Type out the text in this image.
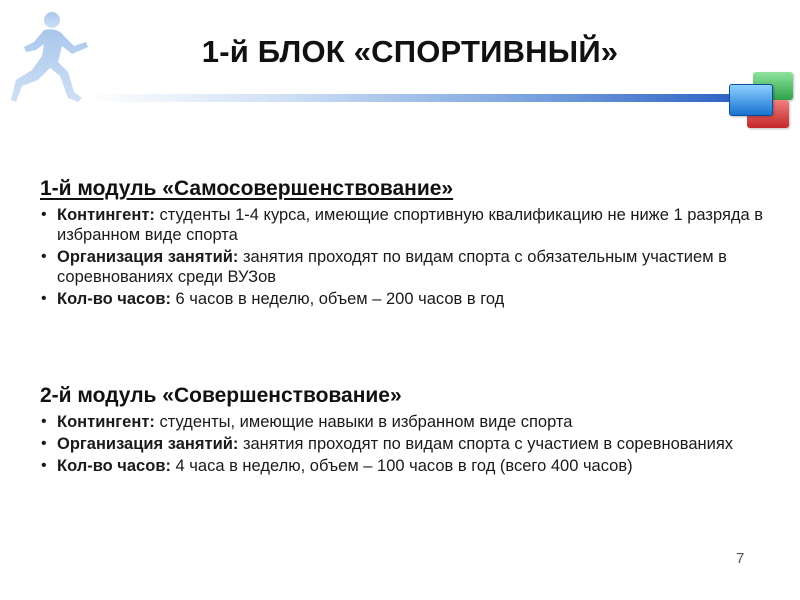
1-й БЛОК «СПОРТИВНЫЙ»
1-й модуль «Самосовершенствование»
• Контингент: студенты 1-4 курса, имеющие спортивную квалификацию не ниже 1 разряда в избранном виде спорта
• Организация занятий: занятия проходят по видам спорта с обязательным участием в соревнованиях среди ВУЗов
• Кол-во часов: 6 часов в неделю, объем – 200 часов в год
2-й модуль «Совершенствование»
• Контингент: студенты, имеющие навыки в избранном виде спорта
• Организация занятий: занятия проходят по видам спорта с участием в соревнованиях
• Кол-во часов: 4 часа в неделю, объем – 100 часов в год (всего 400 часов)
7
